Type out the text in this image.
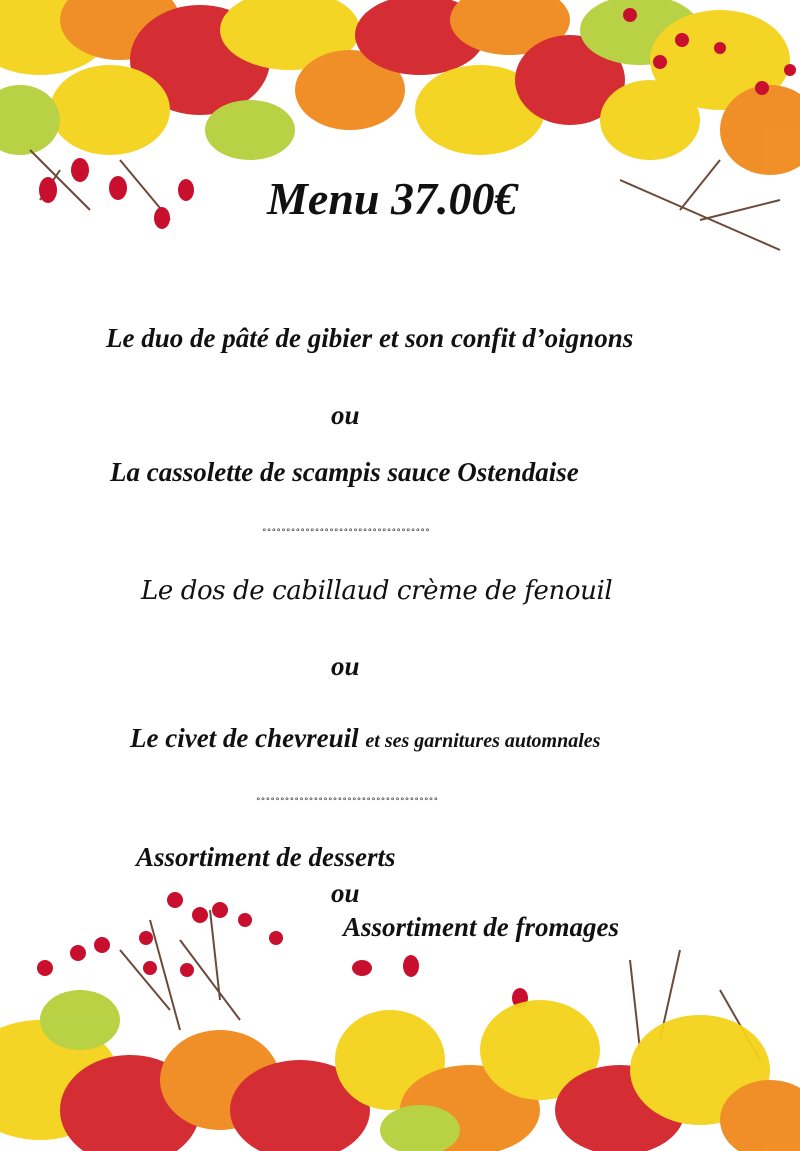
Menu 37.00€
Le duo de pâté de gibier et son confit d’oignons
ou
La cassolette de scampis sauce Ostendaise
°°°°°°°°°°°°°°°°°°°°°°°°°°°°°°°°°°°
Le dos de cabillaud crème de fenouil
ou
Le civet de chevreuil et ses garnitures automnales
°°°°°°°°°°°°°°°°°°°°°°°°°°°°°°°°°°°°°°
Assortiment de desserts
ou
Assortiment de fromages
